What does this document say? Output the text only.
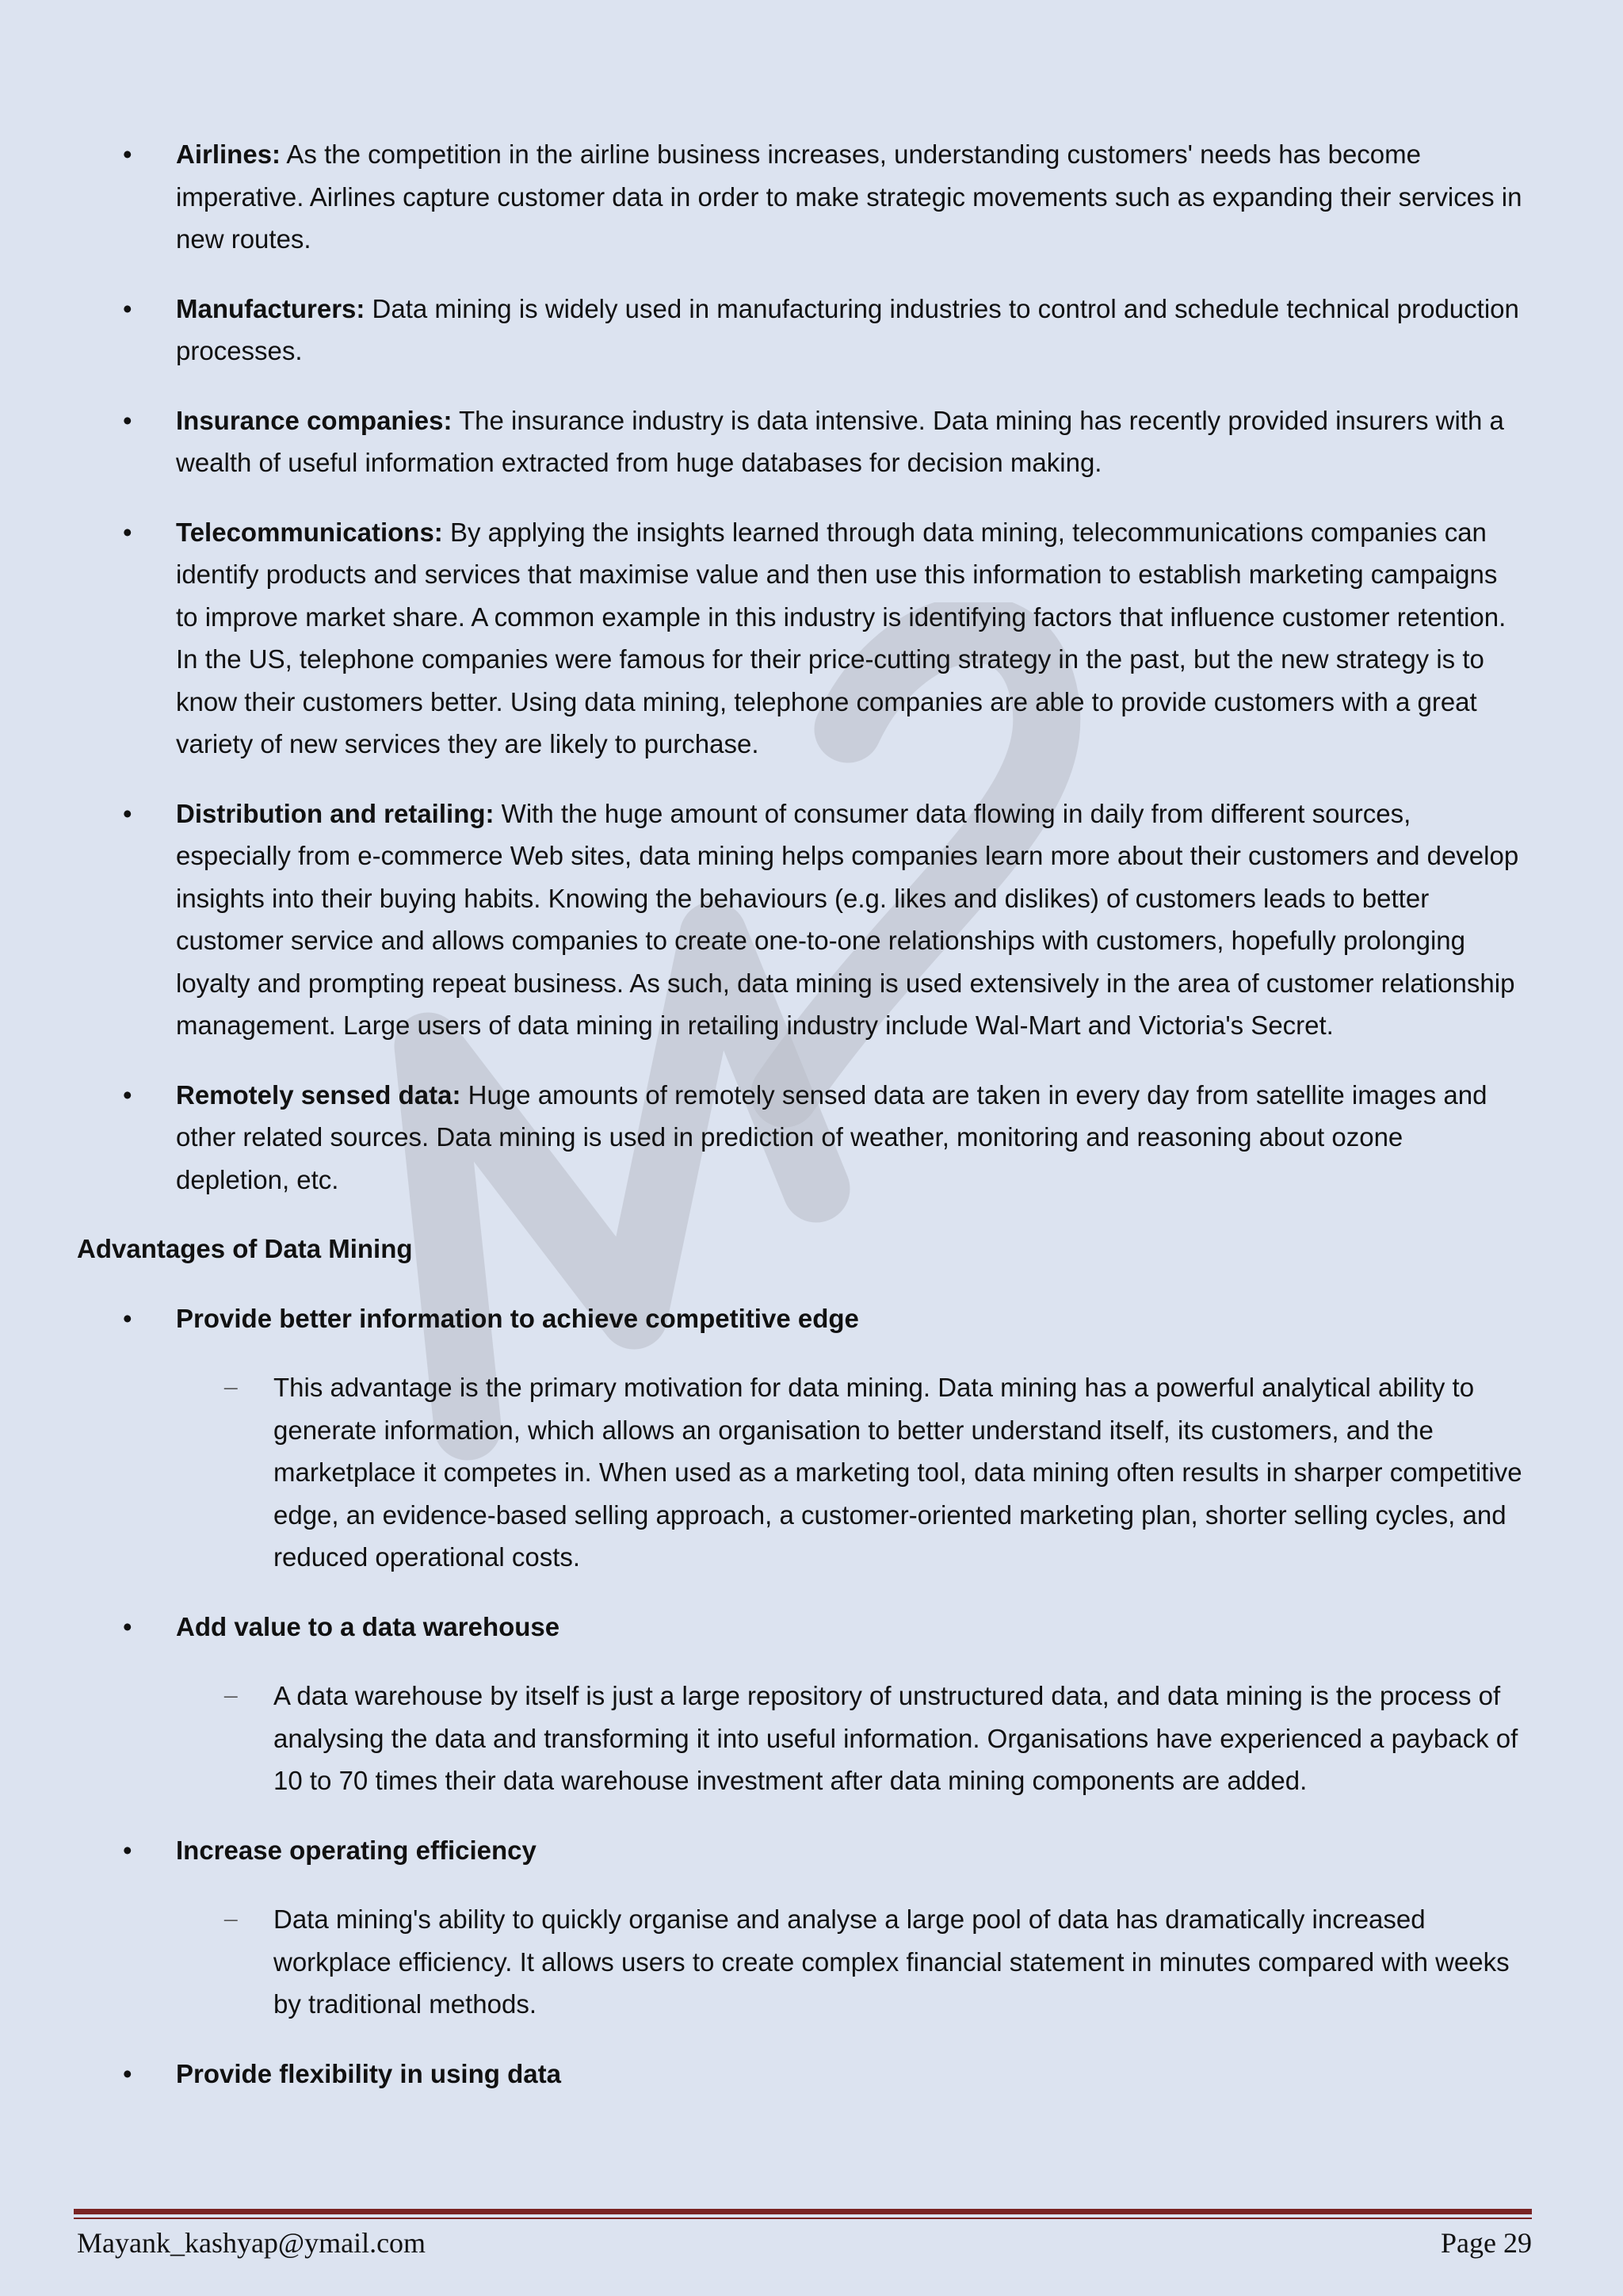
• Airlines: As the competition in the airline business increases, understanding customers' needs has become imperative. Airlines capture customer data in order to make strategic movements such as expanding their services in new routes.
• Manufacturers: Data mining is widely used in manufacturing industries to control and schedule technical production processes.
• Insurance companies: The insurance industry is data intensive. Data mining has recently provided insurers with a wealth of useful information extracted from huge databases for decision making.
• Telecommunications: By applying the insights learned through data mining, telecommunications companies can identify products and services that maximise value and then use this information to establish marketing campaigns to improve market share. A common example in this industry is identifying factors that influence customer retention. In the US, telephone companies were famous for their price-cutting strategy in the past, but the new strategy is to know their customers better. Using data mining, telephone companies are able to provide customers with a great variety of new services they are likely to purchase.
• Distribution and retailing: With the huge amount of consumer data flowing in daily from different sources, especially from e-commerce Web sites, data mining helps companies learn more about their customers and develop insights into their buying habits. Knowing the behaviours (e.g. likes and dislikes) of customers leads to better customer service and allows companies to create one-to-one relationships with customers, hopefully prolonging loyalty and prompting repeat business. As such, data mining is used extensively in the area of customer relationship management. Large users of data mining in retailing industry include Wal-Mart and Victoria's Secret.
• Remotely sensed data: Huge amounts of remotely sensed data are taken in every day from satellite images and other related sources. Data mining is used in prediction of weather, monitoring and reasoning about ozone depletion, etc.
Advantages of Data Mining
• Provide better information to achieve competitive edge
– This advantage is the primary motivation for data mining. Data mining has a powerful analytical ability to generate information, which allows an organisation to better understand itself, its customers, and the marketplace it competes in. When used as a marketing tool, data mining often results in sharper competitive edge, an evidence-based selling approach, a customer-oriented marketing plan, shorter selling cycles, and reduced operational costs.
• Add value to a data warehouse
– A data warehouse by itself is just a large repository of unstructured data, and data mining is the process of analysing the data and transforming it into useful information. Organisations have experienced a payback of 10 to 70 times their data warehouse investment after data mining components are added.
• Increase operating efficiency
– Data mining's ability to quickly organise and analyse a large pool of data has dramatically increased workplace efficiency. It allows users to create complex financial statement in minutes compared with weeks by traditional methods.
• Provide flexibility in using data
Mayank_kashyap@ymail.com	Page 29
